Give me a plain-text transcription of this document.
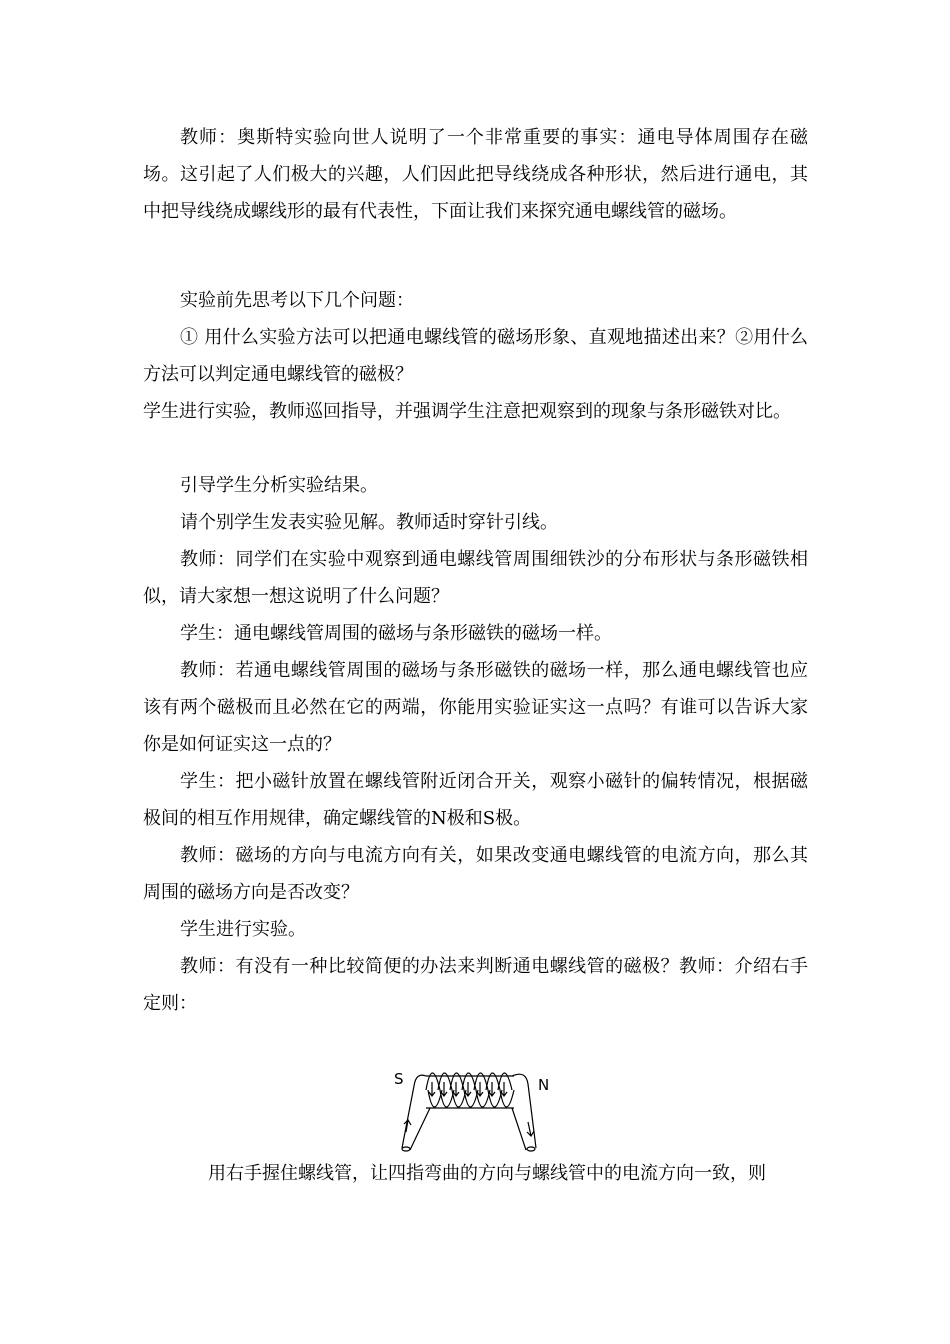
教师：奥斯特实验向世人说明了一个非常重要的事实：通电导体周围存在磁场。这引起了人们极大的兴趣，人们因此把导线绕成各种形状，然后进行通电，其中把导线绕成螺线形的最有代表性，下面让我们来探究通电螺线管的磁场。

实验前先思考以下几个问题：

① 用什么实验方法可以把通电螺线管的磁场形象、直观地描述出来？②用什么方法可以判定通电螺线管的磁极？

学生进行实验，教师巡回指导，并强调学生注意把观察到的现象与条形磁铁对比。

引导学生分析实验结果。

请个别学生发表实验见解。教师适时穿针引线。

教师：同学们在实验中观察到通电螺线管周围细铁沙的分布形状与条形磁铁相似，请大家想一想这说明了什么问题？

学生：通电螺线管周围的磁场与条形磁铁的磁场一样。

教师：若通电螺线管周围的磁场与条形磁铁的磁场一样，那么通电螺线管也应该有两个磁极而且必然在它的两端，你能用实验证实这一点吗？有谁可以告诉大家你是如何证实这一点的？

学生：把小磁针放置在螺线管附近闭合开关，观察小磁针的偏转情况，根据磁极间的相互作用规律，确定螺线管的N极和S极。

教师：磁场的方向与电流方向有关，如果改变通电螺线管的电流方向，那么其周围的磁场方向是否改变？

学生进行实验。

教师：有没有一种比较简便的办法来判断通电螺线管的磁极？教师：介绍右手定则：

S	N

用右手握住螺线管，让四指弯曲的方向与螺线管中的电流方向一致，则
